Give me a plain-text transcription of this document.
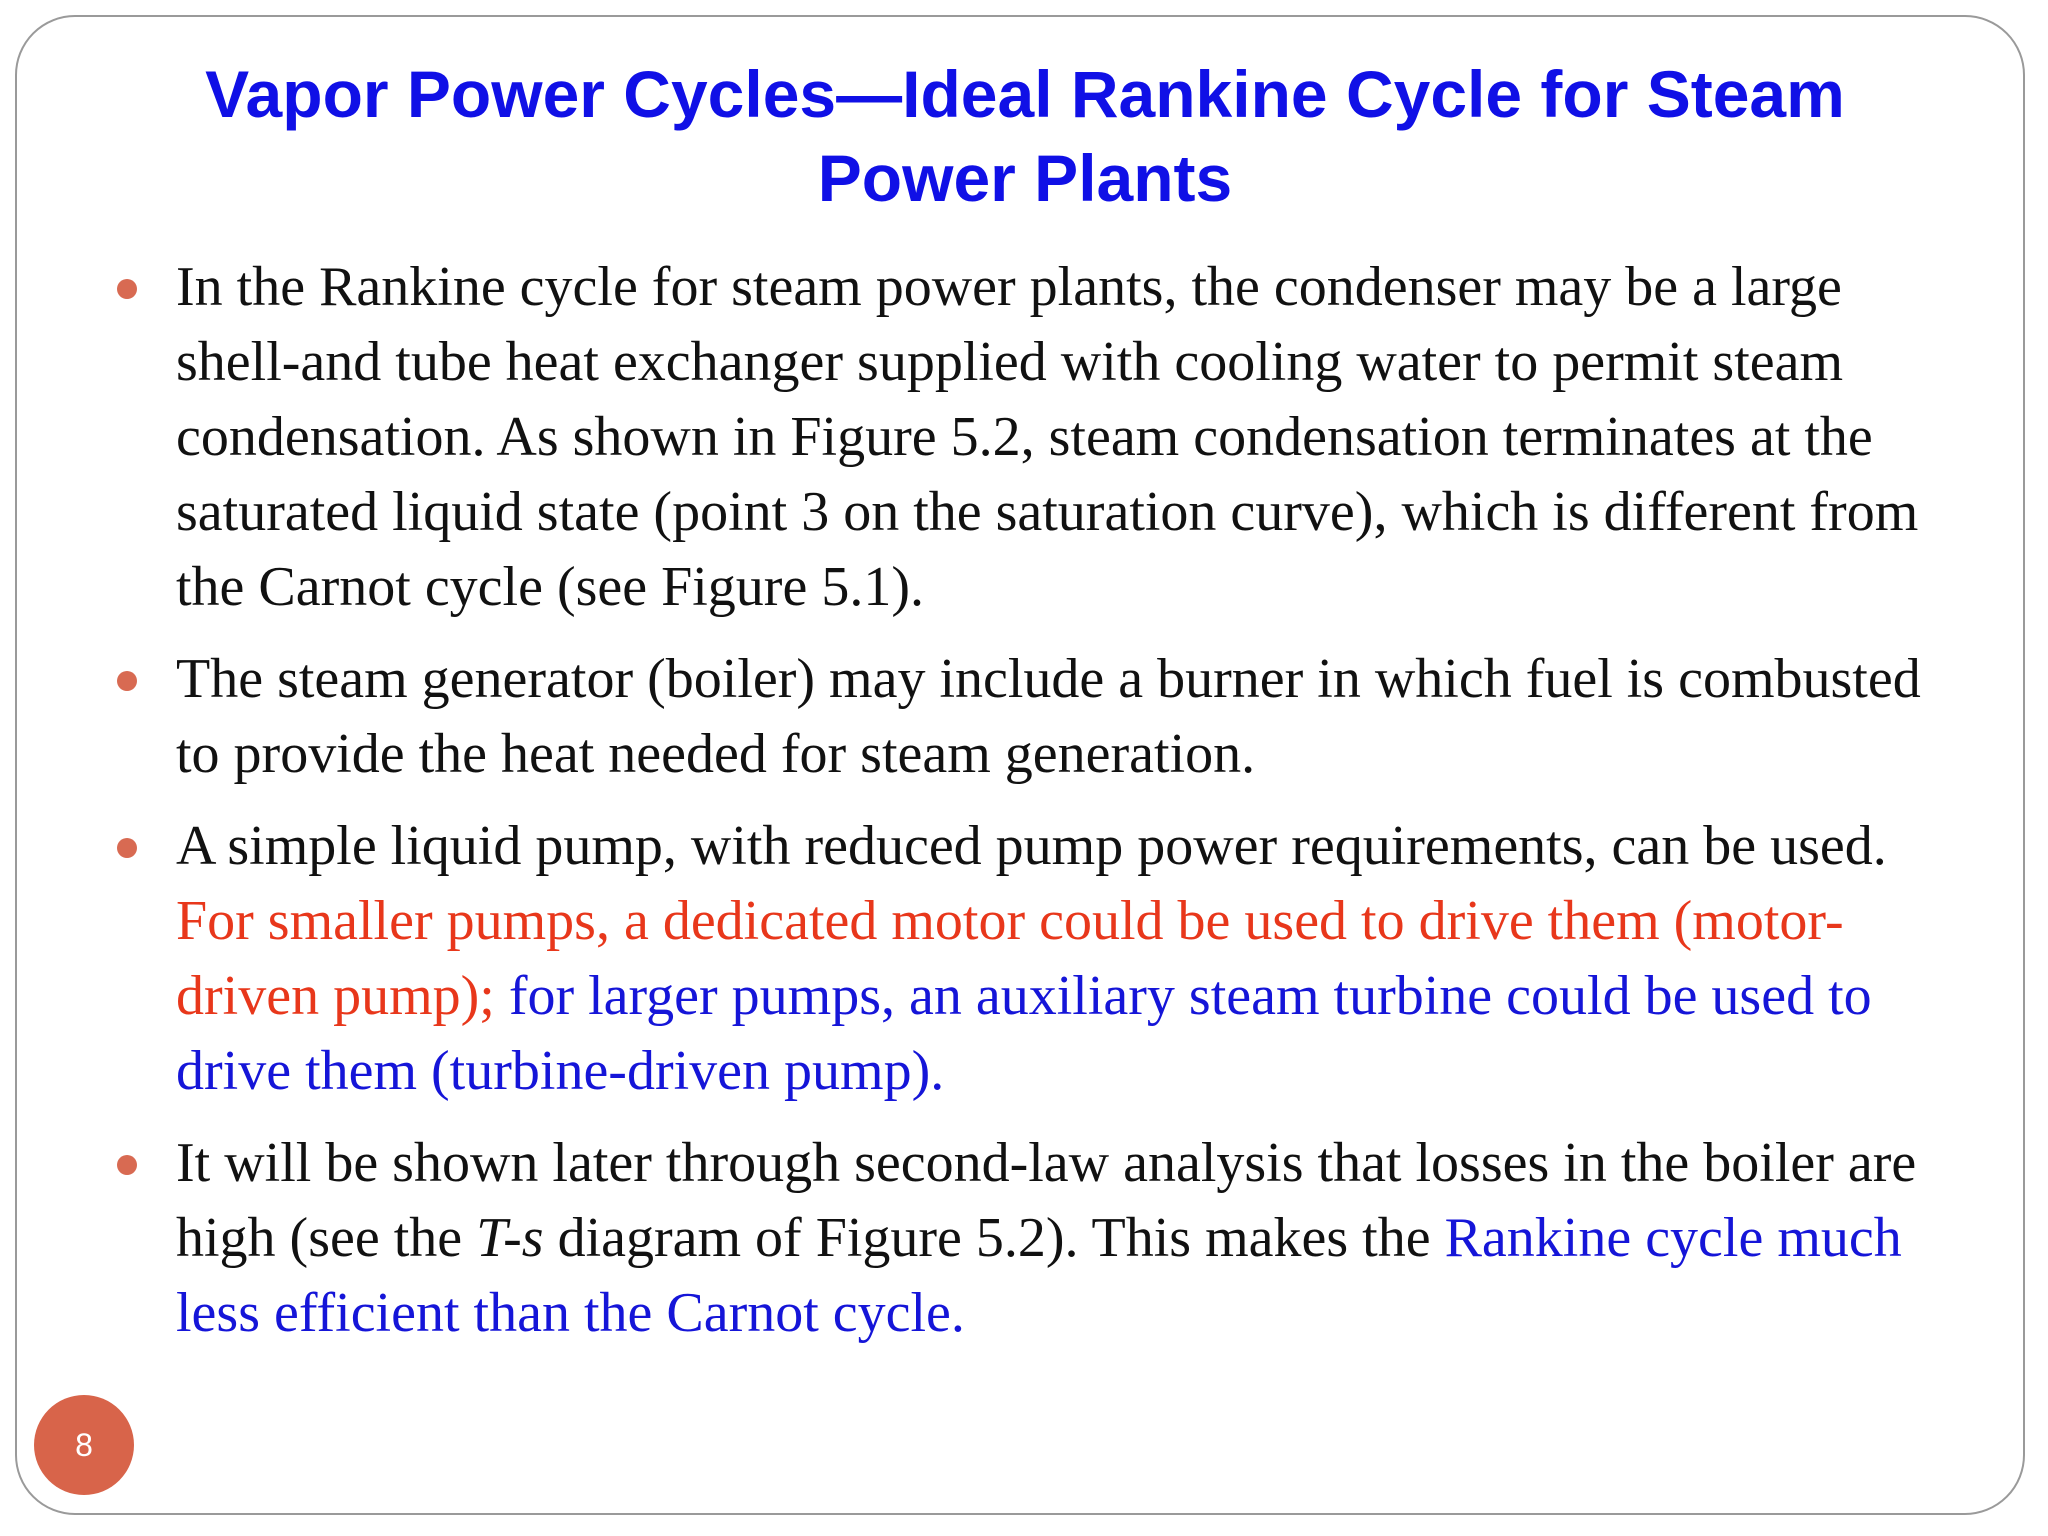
Vapor Power Cycles—Ideal Rankine Cycle for Steam Power Plants
In the Rankine cycle for steam power plants, the condenser may be a large shell-and tube heat exchanger supplied with cooling water to permit steam condensation. As shown in Figure 5.2, steam condensation terminates at the saturated liquid state (point 3 on the saturation curve), which is different from the Carnot cycle (see Figure 5.1).
The steam generator (boiler) may include a burner in which fuel is combusted to provide the heat needed for steam generation.
A simple liquid pump, with reduced pump power requirements, can be used. For smaller pumps, a dedicated motor could be used to drive them (motor-driven pump); for larger pumps, an auxiliary steam turbine could be used to drive them (turbine-driven pump).
It will be shown later through second-law analysis that losses in the boiler are high (see the T-s diagram of Figure 5.2). This makes the Rankine cycle much less efficient than the Carnot cycle.
8
